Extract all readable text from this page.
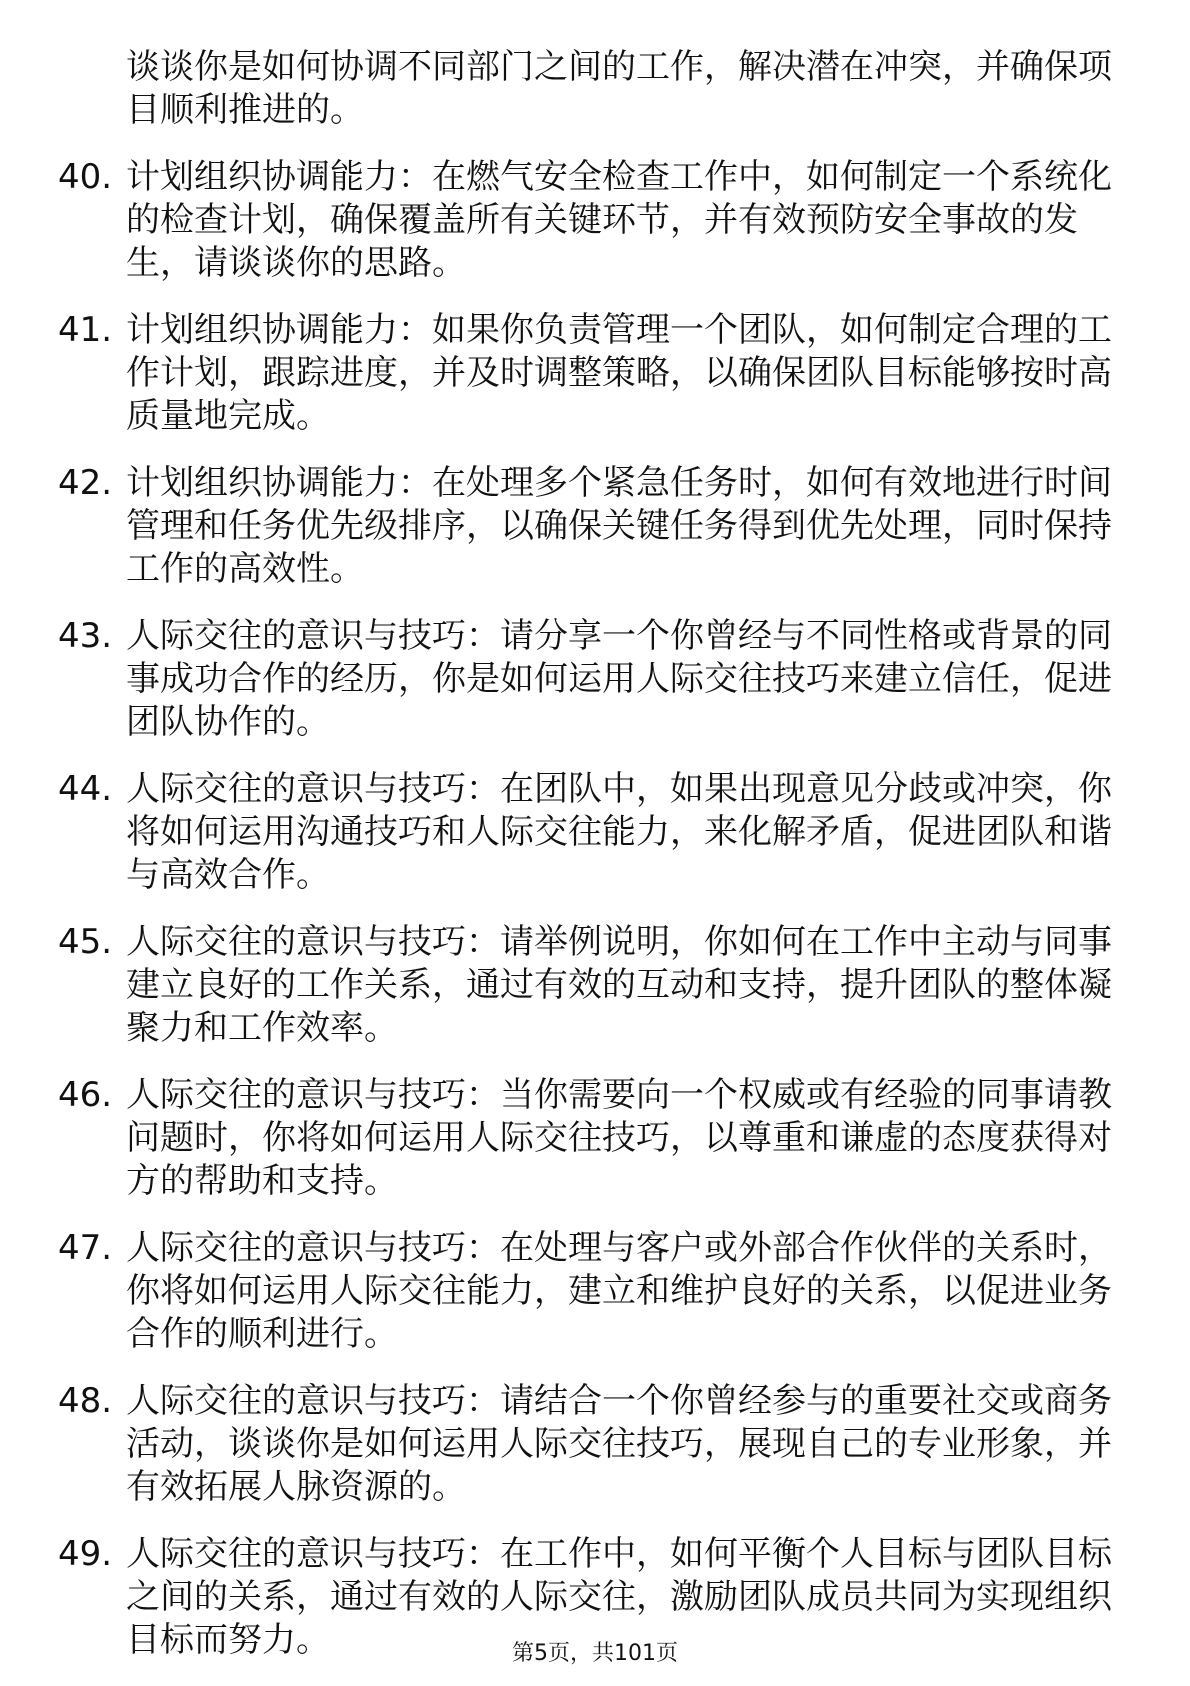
谈谈你是如何协调不同部门之间的工作，解决潜在冲突，并确保项目顺利推进的。

40. 计划组织协调能力：在燃气安全检查工作中，如何制定一个系统化的检查计划，确保覆盖所有关键环节，并有效预防安全事故的发生，请谈谈你的思路。
41. 计划组织协调能力：如果你负责管理一个团队，如何制定合理的工作计划，跟踪进度，并及时调整策略，以确保团队目标能够按时高质量地完成。
42. 计划组织协调能力：在处理多个紧急任务时，如何有效地进行时间管理和任务优先级排序，以确保关键任务得到优先处理，同时保持工作的高效性。
43. 人际交往的意识与技巧：请分享一个你曾经与不同性格或背景的同事成功合作的经历，你是如何运用人际交往技巧来建立信任，促进团队协作的。
44. 人际交往的意识与技巧：在团队中，如果出现意见分歧或冲突，你将如何运用沟通技巧和人际交往能力，来化解矛盾，促进团队和谐与高效合作。
45. 人际交往的意识与技巧：请举例说明，你如何在工作中主动与同事建立良好的工作关系，通过有效的互动和支持，提升团队的整体凝聚力和工作效率。
46. 人际交往的意识与技巧：当你需要向一个权威或有经验的同事请教问题时，你将如何运用人际交往技巧，以尊重和谦虚的态度获得对方的帮助和支持。
47. 人际交往的意识与技巧：在处理与客户或外部合作伙伴的关系时，你将如何运用人际交往能力，建立和维护良好的关系，以促进业务合作的顺利进行。
48. 人际交往的意识与技巧：请结合一个你曾经参与的重要社交或商务活动，谈谈你是如何运用人际交往技巧，展现自己的专业形象，并有效拓展人脉资源的。
49. 人际交往的意识与技巧：在工作中，如何平衡个人目标与团队目标之间的关系，通过有效的人际交往，激励团队成员共同为实现组织目标而努力。	第5页，共101页
